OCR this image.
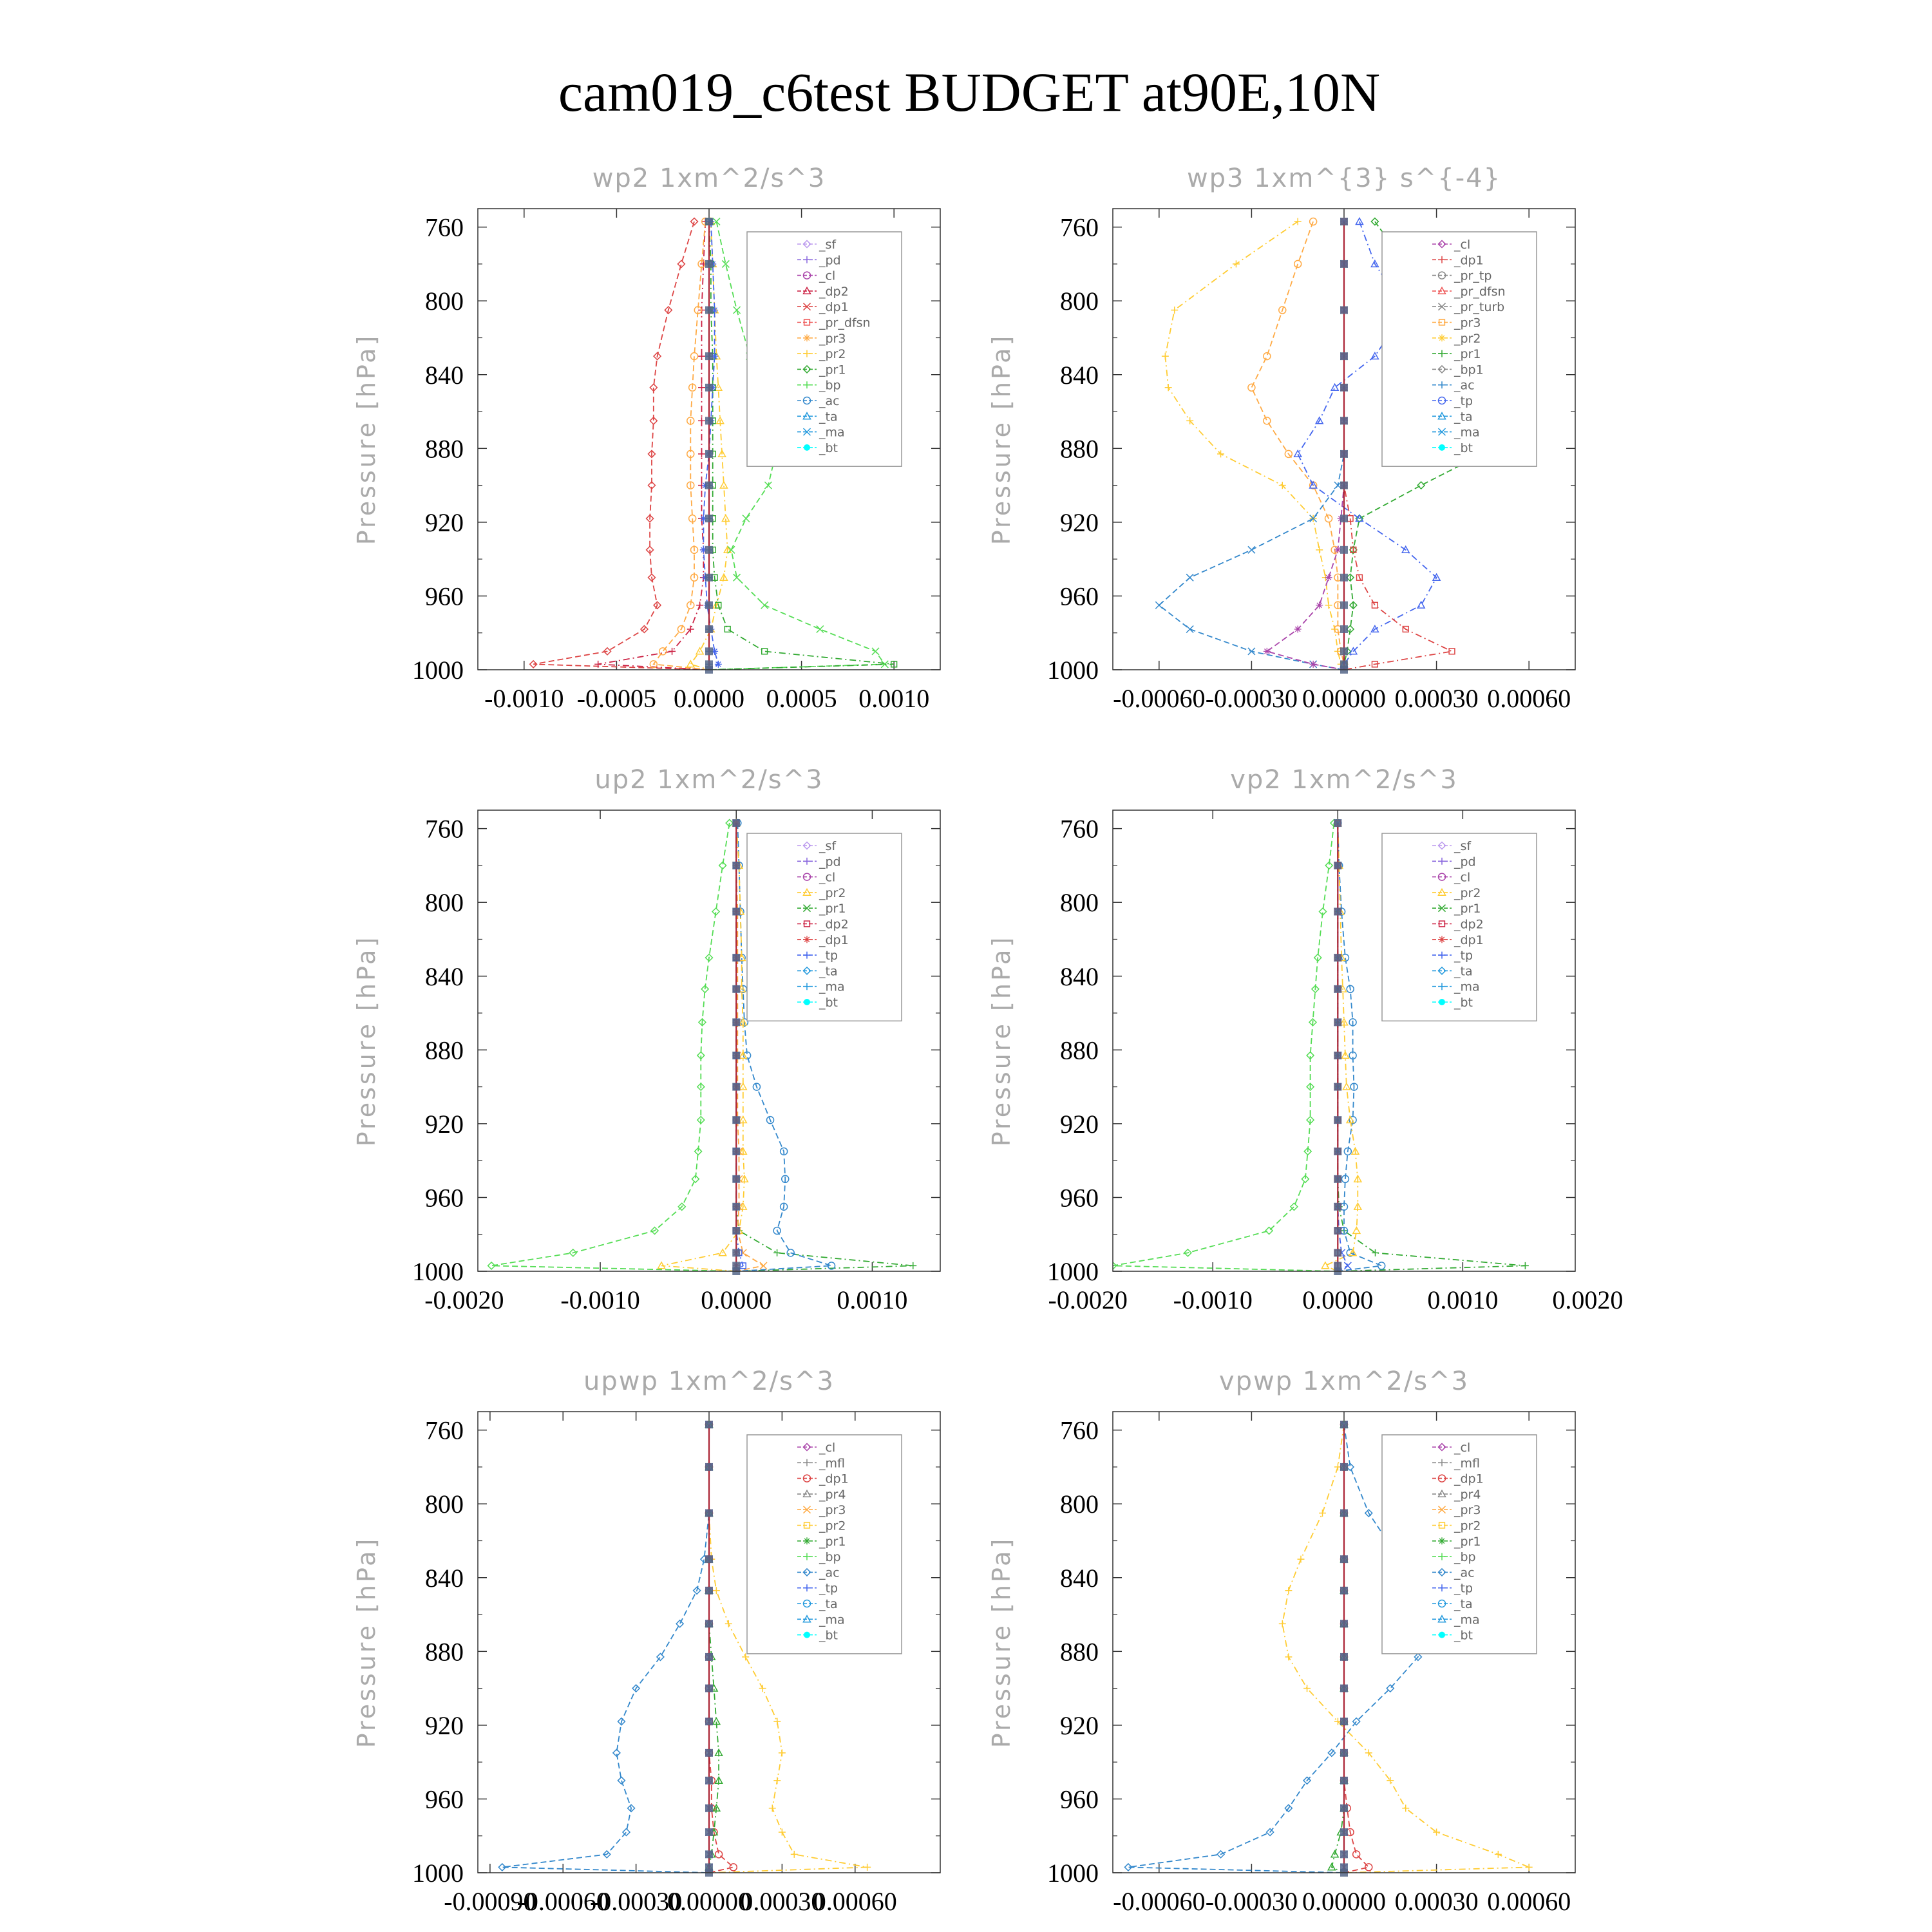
cam019_c6test BUDGET at90E,10N
wp2 1xm^2/s^3
Pressure [hPa]
760
800
840
880
920
960
1000
-0.0010 -0.0005 0.0000 0.0005 0.0010
_sf
_pd
_cl
_dp2
_dp1
_pr_dfsn
_pr3
_pr2
_pr1
_bp
_ac
_ta
_ma
_bt
wp3 1xm^{3} s^{-4}
Pressure [hPa]
760
800
840
880
920
960
1000
-0.00060 -0.00030 0.00000 0.00030 0.00060
_cl
_dp1
_pr_tp
_pr_dfsn
_pr_turb
_pr3
_pr2
_pr1
_bp1
_ac
_tp
_ta
_ma
_bt
up2 1xm^2/s^3
Pressure [hPa]
760
800
840
880
920
960
1000
-0.0020 -0.0010 0.0000	0.0010
_sf
_pd
_cl
_pr2
_pr1
_dp2
_dp1
_tp
_ta
_ma
_bt
vp2 1xm^2/s^3
Pressure [hPa]
760
800
840
880
920
960
1000
-0.0020 -0.0010 0.0000 0.0010 0.0020
_sf
_pd
_cl
_pr2
_pr1
_dp2
_dp1
_tp
_ta
_ma
_bt
upwp 1xm^2/s^3
Pressure [hPa]
760
800
840
880
920
960
1000
-0.00090
-0.00060
-0.00030
0.00000
0.00030
0.00060
_cl
_mfl
_dp1
_pr4
_pr3
_pr2
_pr1
_bp
_ac
_tp
_ta
_ma
_bt
vpwp 1xm^2/s^3
Pressure [hPa]
760
800
840
880
920
960
1000
-0.00060 -0.00030 0.00000 0.00030 0.00060
_cl
_mfl
_dp1
_pr4
_pr3
_pr2
_pr1
_bp
_ac
_tp
_ta
_ma
_bt
